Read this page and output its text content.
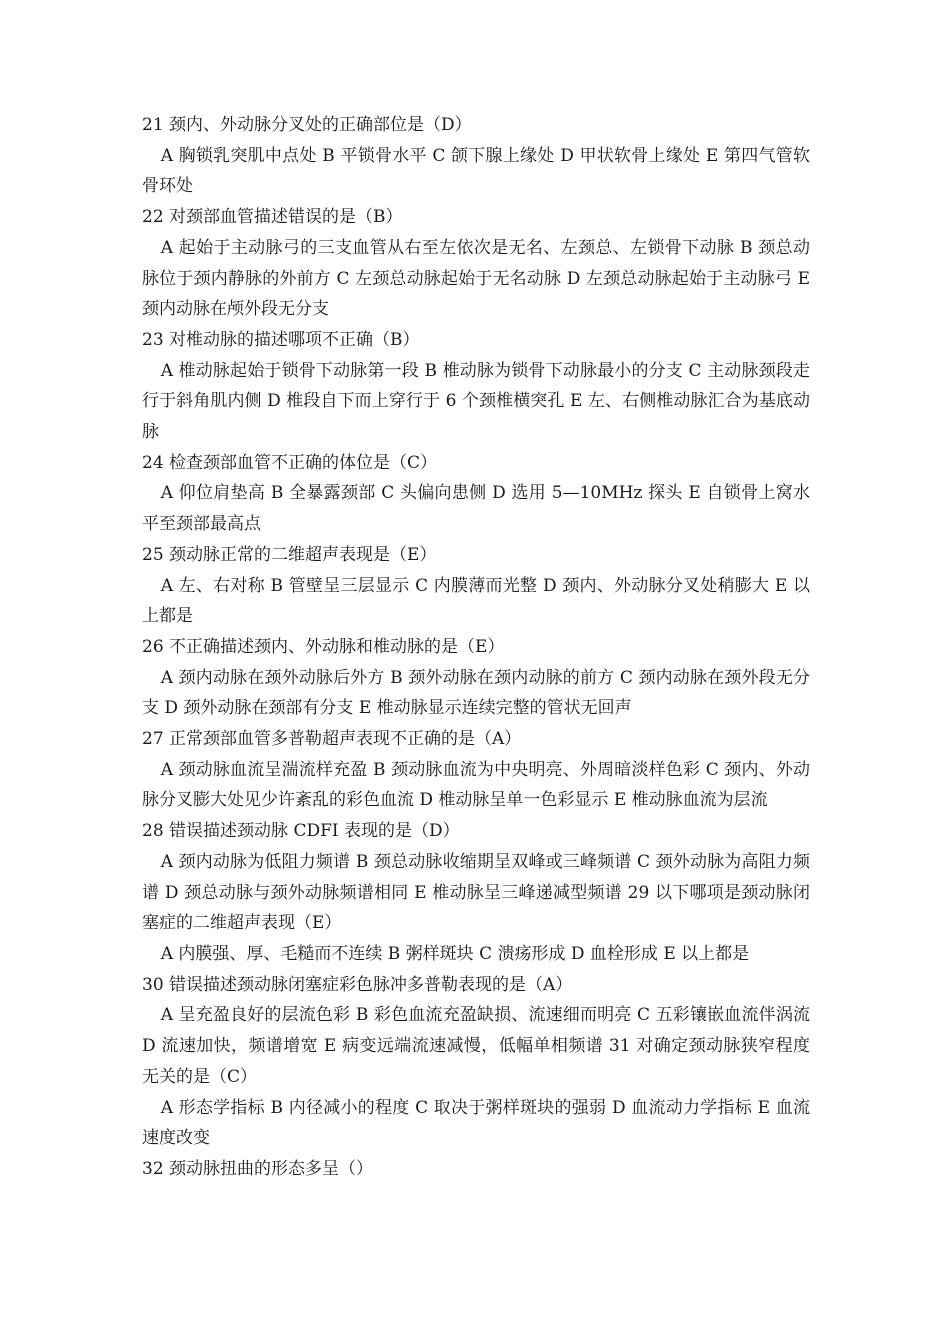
21 颈内、外动脉分叉处的正确部位是（D）

A 胸锁乳突肌中点处 B 平锁骨水平 C 颌下腺上缘处 D 甲状软骨上缘处 E 第四气管软骨环处

22 对颈部血管描述错误的是（B）

A 起始于主动脉弓的三支血管从右至左依次是无名、左颈总、左锁骨下动脉 B 颈总动脉位于颈内静脉的外前方 C 左颈总动脉起始于无名动脉 D 左颈总动脉起始于主动脉弓 E 颈内动脉在颅外段无分支

23 对椎动脉的描述哪项不正确（B）

A 椎动脉起始于锁骨下动脉第一段 B 椎动脉为锁骨下动脉最小的分支 C 主动脉颈段走行于斜角肌内侧 D 椎段自下而上穿行于 6 个颈椎横突孔 E 左、右侧椎动脉汇合为基底动脉

24 检查颈部血管不正确的体位是（C）

A 仰位肩垫高 B 全暴露颈部 C 头偏向患侧 D 选用 5—10MHz 探头 E 自锁骨上窝水平至颈部最高点

25 颈动脉正常的二维超声表现是（E）

A 左、右对称 B 管壁呈三层显示 C 内膜薄而光整 D 颈内、外动脉分叉处稍膨大 E 以上都是

26 不正确描述颈内、外动脉和椎动脉的是（E）

A 颈内动脉在颈外动脉后外方 B 颈外动脉在颈内动脉的前方 C 颈内动脉在颈外段无分支 D 颈外动脉在颈部有分支 E 椎动脉显示连续完整的管状无回声

27 正常颈部血管多普勒超声表现不正确的是（A）

A 颈动脉血流呈湍流样充盈 B 颈动脉血流为中央明亮、外周暗淡样色彩 C 颈内、外动脉分叉膨大处见少许紊乱的彩色血流 D 椎动脉呈单一色彩显示 E 椎动脉血流为层流

28 错误描述颈动脉 CDFI 表现的是（D）

A 颈内动脉为低阻力频谱 B 颈总动脉收缩期呈双峰或三峰频谱 C 颈外动脉为高阻力频谱 D 颈总动脉与颈外动脉频谱相同 E 椎动脉呈三峰递减型频谱 29 以下哪项是颈动脉闭塞症的二维超声表现（E）

A 内膜强、厚、毛糙而不连续 B 粥样斑块 C 溃疡形成 D 血栓形成 E 以上都是

30 错误描述颈动脉闭塞症彩色脉冲多普勒表现的是（A）

A 呈充盈良好的层流色彩 B 彩色血流充盈缺损、流速细而明亮 C 五彩镶嵌血流伴涡流 D 流速加快，频谱增宽 E 病变远端流速减慢，低幅单相频谱 31 对确定颈动脉狭窄程度无关的是（C）

A 形态学指标 B 内径减小的程度 C 取决于粥样斑块的强弱 D 血流动力学指标 E 血流速度改变

32 颈动脉扭曲的形态多呈（）
